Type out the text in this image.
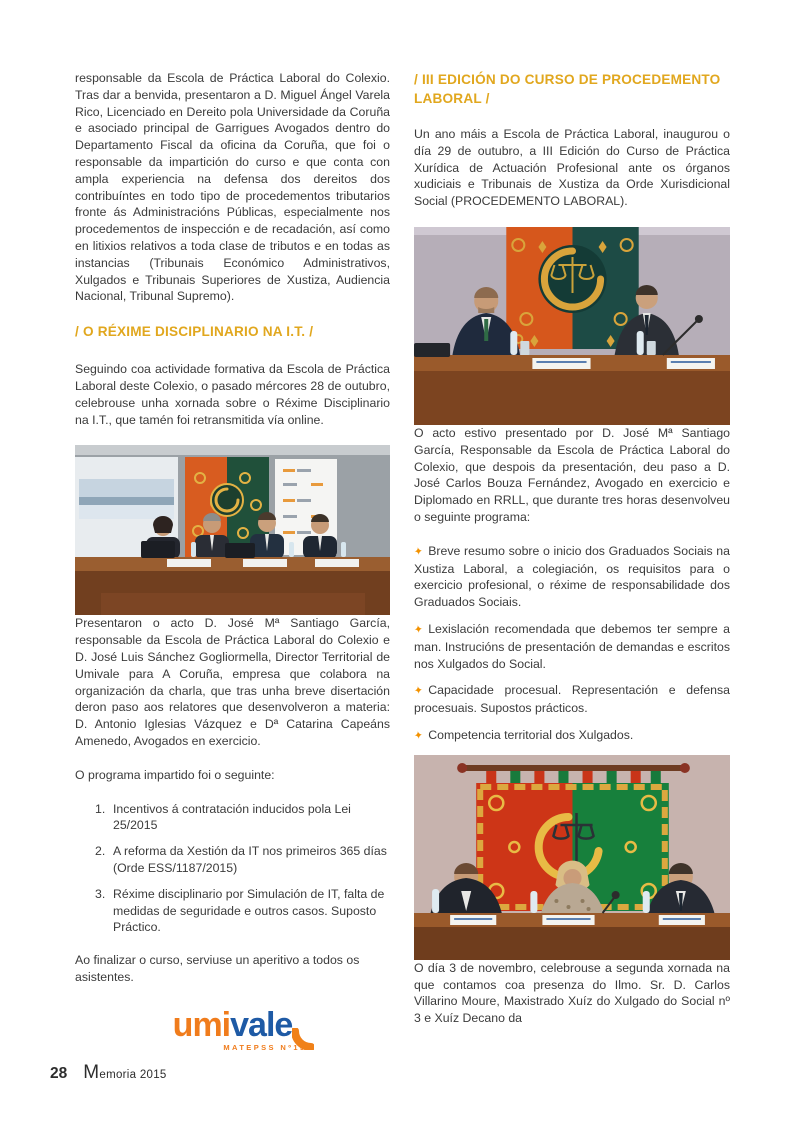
responsable da Escola de Práctica Laboral do Colexio. Tras dar a benvida, presentaron a D. Miguel Ángel Varela Rico, Licenciado en Dereito pola Universidade da Coruña e asociado principal de Garrigues Avogados dentro do Departamento Fiscal da oficina da Coruña, que foi o responsable da impartición do curso e que conta con ampla experiencia na defensa dos dereitos dos contribuíntes en todo tipo de procedementos tributarios fronte ás Administracións Públicas, especialmente nos procedementos de inspección e de recadación, así como en litixios relativos a toda clase de tributos e en todas as instancias (Tribunais Económico Administrativos, Xulgados e Tribunais Superiores de Xustiza, Audiencia Nacional, Tribunal Supremo).

/ O RÉXIME DISCIPLINARIO NA I.T. /

Seguindo coa actividade formativa da Escola de Práctica Laboral deste Colexio, o pasado mércores 28 de outubro, celebrouse unha xornada sobre o Réxime Disciplinario na I.T., que tamén foi retransmitida vía online.

Presentaron o acto D. José Mª Santiago García, responsable da Escola de Práctica Laboral do Colexio e D. José Luis Sánchez Gogliormella, Director Territorial de Umivale para A Coruña, empresa que colabora na organización da charla, que tras unha breve disertación deron paso aos relatores que desenvolveron a materia: D. Antonio Iglesias Vázquez e Dª Catarina Capeáns Amenedo, Avogados en exercicio.

O programa impartido foi o seguinte:

1. Incentivos á contratación inducidos pola Lei 25/2015
2. A reforma da Xestión da IT nos primeiros 365 días (Orde ESS/1187/2015)
3. Réxime disciplinario por Simulación de IT, falta de medidas de seguridade e outros casos. Suposto Práctico.

Ao finalizar o curso, serviuse un aperitivo a todos os asistentes.

umivale
MATEPSS Nº15
/ III EDICIÓN DO CURSO DE PROCEDEMENTO LABORAL /

Un ano máis a Escola de Práctica Laboral, inaugurou o día 29 de outubro, a III Edición do Curso de Práctica Xurídica de Actuación Profesional ante os órganos xudiciais e Tribunais de Xustiza da Orde Xurisdicional Social (PROCEDEMENTO LABORAL).

O acto estivo presentado por D. José Mª Santiago García, Responsable da Escola de Práctica Laboral do Colexio, que despois da presentación, deu paso a D. José Carlos Bouza Fernández, Avogado en exercicio e Diplomado en RRLL, que durante tres horas desenvolveu o seguinte programa:

✦ Breve resumo sobre o inicio dos Graduados Sociais na Xustiza Laboral, a colegiación, os requisitos para o exercicio profesional, o réxime de responsabilidade dos Graduados Sociais.

✦ Lexislación recomendada que debemos ter sempre a man. Instrucións de presentación de demandas e escritos nos Xulgados do Social.

✦ Capacidade procesual. Representación e defensa procesuais. Supostos prácticos.

✦ Competencia territorial dos Xulgados.

O día 3 de novembro, celebrouse a segunda xornada na que contamos coa presenza do Ilmo. Sr. D. Carlos Villarino Moure, Maxistrado Xuíz do Xulgado do Social nº 3 e Xuíz Decano da

28 Memoria 2015
